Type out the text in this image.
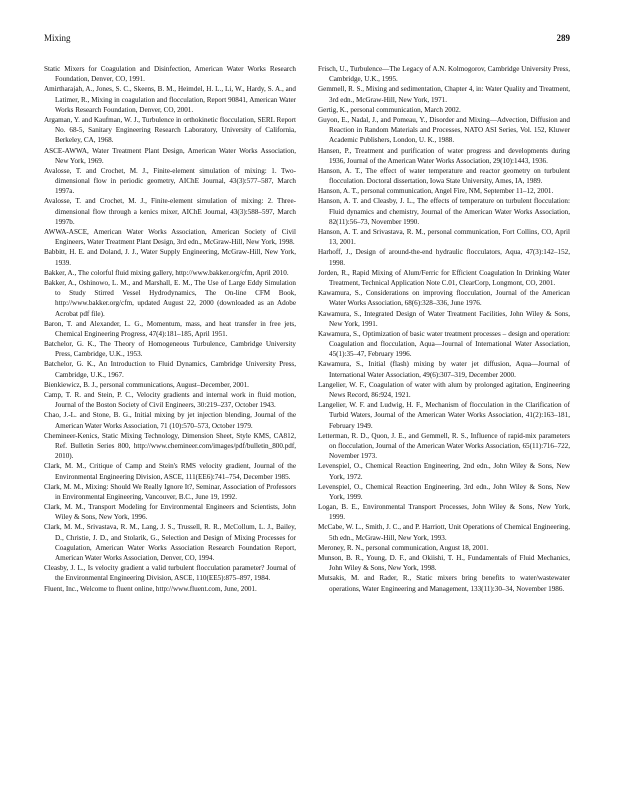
Mixing	289

Static Mixers for Coagulation and Disinfection, American Water Works Research Foundation, Denver, CO, 1991.

Amirtharajah, A., Jones, S. C., Skeens, B. M., Heimdel, H. L., Li, W., Hardy, S. A., and Latimer, R., Mixing in coagulation and flocculation, Report 90841, American Water Works Research Foundation, Denver, CO, 2001.

Argaman, Y. and Kaufman, W. J., Turbulence in orthokinetic flocculation, SERL Report No. 68-5, Sanitary Engineering Research Laboratory, University of California, Berkeley, CA, 1968.

ASCE-AWWA, Water Treatment Plant Design, American Water Works Association, New York, 1969.

Avalosse, T. and Crochet, M. J., Finite-element simulation of mixing: 1. Two-dimensional flow in periodic geometry, AIChE Journal, 43(3):577–587, March 1997a.

Avalosse, T. and Crochet, M. J., Finite-element simulation of mixing: 2. Three-dimensional flow through a kenics mixer, AIChE Journal, 43(3):588–597, March 1997b.

AWWA-ASCE, American Water Works Association, American Society of Civil Engineers, Water Treatment Plant Design, 3rd edn., McGraw-Hill, New York, 1998.

Babbitt, H. E. and Doland, J. J., Water Supply Engineering, McGraw-Hill, New York, 1939.

Bakker, A., The colorful fluid mixing gallery, http://www.bakker.org/cfm, April 2010.

Bakker, A., Oshinowo, L. M., and Marshall, E. M., The Use of Large Eddy Simulation to Study Stirred Vessel Hydrodynamics, The On-line CFM Book, http://www.bakker.org/cfm, updated August 22, 2000 (downloaded as an Adobe Acrobat pdf file).

Baron, T. and Alexander, L. G., Momentum, mass, and heat transfer in free jets, Chemical Engineering Progress, 47(4):181–185, April 1951.

Batchelor, G. K., The Theory of Homogeneous Turbulence, Cambridge University Press, Cambridge, U.K., 1953.

Batchelor, G. K., An Introduction to Fluid Dynamics, Cambridge University Press, Cambridge, U.K., 1967.

Bienkiewicz, B. J., personal communications, August–December, 2001.

Camp, T. R. and Stein, P. C., Velocity gradients and internal work in fluid motion, Journal of the Boston Society of Civil Engineers, 30:219–237, October 1943.

Chao, J.-L. and Stone, B. G., Initial mixing by jet injection blending, Journal of the American Water Works Association, 71 (10):570–573, October 1979.

Chemineer-Kenics, Static Mixing Technology, Dimension Sheet, Style KMS, CA812, Ref. Bulletin Series 800, http://www.chemineer.com/images/pdf/bulletin_800.pdf, 2010).

Clark, M. M., Critique of Camp and Stein's RMS velocity gradient, Journal of the Environmental Engineering Division, ASCE, 111(EE6):741–754, December 1985.

Clark, M. M., Mixing: Should We Really Ignore It?, Seminar, Association of Professors in Environmental Engineering, Vancouver, B.C., June 19, 1992.

Clark, M. M., Transport Modeling for Environmental Engineers and Scientists, John Wiley & Sons, New York, 1996.

Clark, M. M., Srivastava, R. M., Lang, J. S., Trussell, R. R., McCollum, L. J., Bailey, D., Christie, J. D., and Stolarik, G., Selection and Design of Mixing Processes for Coagulation, American Water Works Association Research Foundation Report, American Water Works Association, Denver, CO, 1994.

Cleasby, J. L., Is velocity gradient a valid turbulent flocculation parameter? Journal of the Environmental Engineering Division, ASCE, 110(EE5):875–897, 1984.

Fluent, Inc., Welcome to fluent online, http://www.fluent.com, June, 2001.

Frisch, U., Turbulence—The Legacy of A.N. Kolmogorov, Cambridge University Press, Cambridge, U.K., 1995.

Gemmell, R. S., Mixing and sedimentation, Chapter 4, in: Water Quality and Treatment, 3rd edn., McGraw-Hill, New York, 1971.

Gertig, K., personal communication, March 2002.

Guyon, E., Nadal, J., and Pomeau, Y., Disorder and Mixing—Advection, Diffusion and Reaction in Random Materials and Processes, NATO ASI Series, Vol. 152, Kluwer Academic Publishers, London, U. K., 1988.

Hansen, P., Treatment and purification of water progress and developments during 1936, Journal of the American Water Works Association, 29(10):1443, 1936.

Hanson, A. T., The effect of water temperature and reactor geometry on turbulent flocculation. Doctoral dissertation, Iowa State University, Ames, IA, 1989.

Hanson, A. T., personal communication, Angel Fire, NM, September 11–12, 2001.

Hanson, A. T. and Cleasby, J. L., The effects of temperature on turbulent flocculation: Fluid dynamics and chemistry, Journal of the American Water Works Association, 82(11):56–73, November 1990.

Hanson, A. T. and Srivastava, R. M., personal communication, Fort Collins, CO, April 13, 2001.

Harhoff, J., Design of around-the-end hydraulic flocculators, Aqua, 47(3):142–152, 1998.

Jorden, R., Rapid Mixing of Alum/Ferric for Efficient Coagulation In Drinking Water Treatment, Technical Application Note C.01, ClearCorp, Longmont, CO, 2001.

Kawamura, S., Considerations on improving flocculation, Journal of the American Water Works Association, 68(6):328–336, June 1976.

Kawamura, S., Integrated Design of Water Treatment Facilities, John Wiley & Sons, New York, 1991.

Kawamura, S., Optimization of basic water treatment processes – design and operation: Coagulation and flocculation, Aqua—Journal of International Water Association, 45(1):35–47, February 1996.

Kawamura, S., Initial (flash) mixing by water jet diffusion, Aqua—Journal of International Water Association, 49(6):307–319, December 2000.

Langelier, W. F., Coagulation of water with alum by prolonged agitation, Engineering News Record, 86:924, 1921.

Langelier, W. F. and Ludwig, H. F., Mechanism of flocculation in the Clarification of Turbid Waters, Journal of the American Water Works Association, 41(2):163–181, February 1949.

Letterman, R. D., Quon, J. E., and Gemmell, R. S., Influence of rapid-mix parameters on flocculation, Journal of the American Water Works Association, 65(11):716–722, November 1973.

Levenspiel, O., Chemical Reaction Engineering, 2nd edn., John Wiley & Sons, New York, 1972.

Levenspiel, O., Chemical Reaction Engineering, 3rd edn., John Wiley & Sons, New York, 1999.

Logan, B. E., Environmental Transport Processes, John Wiley & Sons, New York, 1999.

McCabe, W. L., Smith, J. C., and P. Harriott, Unit Operations of Chemical Engineering, 5th edn., McGraw-Hill, New York, 1993.

Meroney, R. N., personal communication, August 18, 2001.

Munson, B. R., Young, D. F., and Okiishi, T. H., Fundamentals of Fluid Mechanics, John Wiley & Sons, New York, 1998.

Mutsakis, M. and Rader, R., Static mixers bring benefits to water/wastewater operations, Water Engineering and Management, 133(11):30–34, November 1986.
